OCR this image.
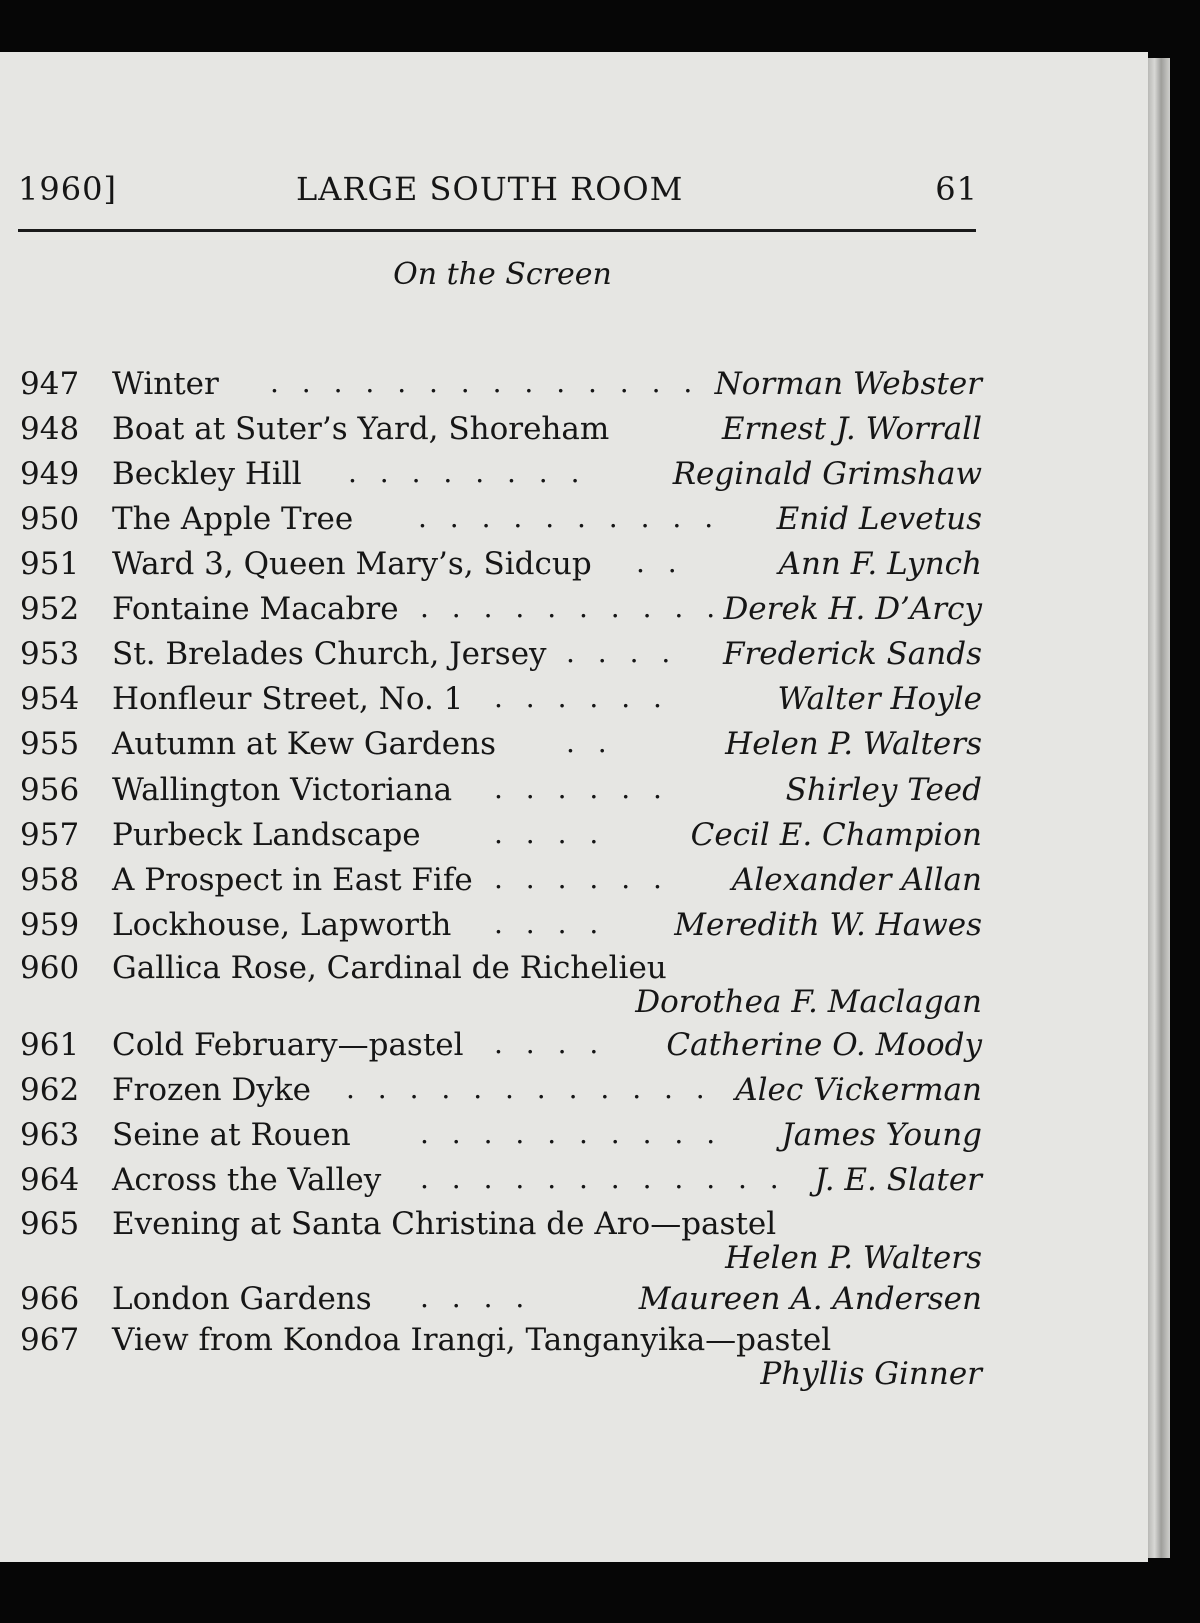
1960]	LARGE SOUTH ROOM	61
On the Screen
947 Winter . . . . . . . . . . . . . . Norman Webster
948 Boat at Suter’s Yard, Shoreham	Ernest J. Worrall
949 Beckley Hill . . . . . . . .	Reginald Grimshaw
950 The Apple Tree . . . . . . . . . . Enid Levetus
951 Ward 3, Queen Mary’s, Sidcup . .	Ann F. Lynch
952 Fontaine Macabre . . . . . . . . . . Derek H. D’Arcy
953 St. Brelades Church, Jersey . . . . Frederick Sands
954 Honfleur Street, No. 1 . . . . . .	Walter Hoyle
955 Autumn at Kew Gardens	. .	Helen P. Walters
956 Wallington Victoriana . . . . . .	Shirley Teed
957 Purbeck Landscape	. . . .	Cecil E. Champion
958 A Prospect in East Fife . . . . . . Alexander Allan
959 Lockhouse, Lapworth . . . . Meredith W. Hawes
960 Gallica Rose, Cardinal de Richelieu
Dorothea F. Maclagan
961 Cold February—pastel . . . . Catherine O. Moody
962 Frozen Dyke . . . . . . . . . . . . Alec Vickerman
963 Seine at Rouen . . . . . . . . . . James Young
964 Across the Valley . . . . . . . . . . . . J. E. Slater
965 Evening at Santa Christina de Aro—pastel
Helen P. Walters
966 London Gardens . . . .	Maureen A. Andersen
967 View from Kondoa Irangi, Tanganyika—pastel
Phyllis Ginner
